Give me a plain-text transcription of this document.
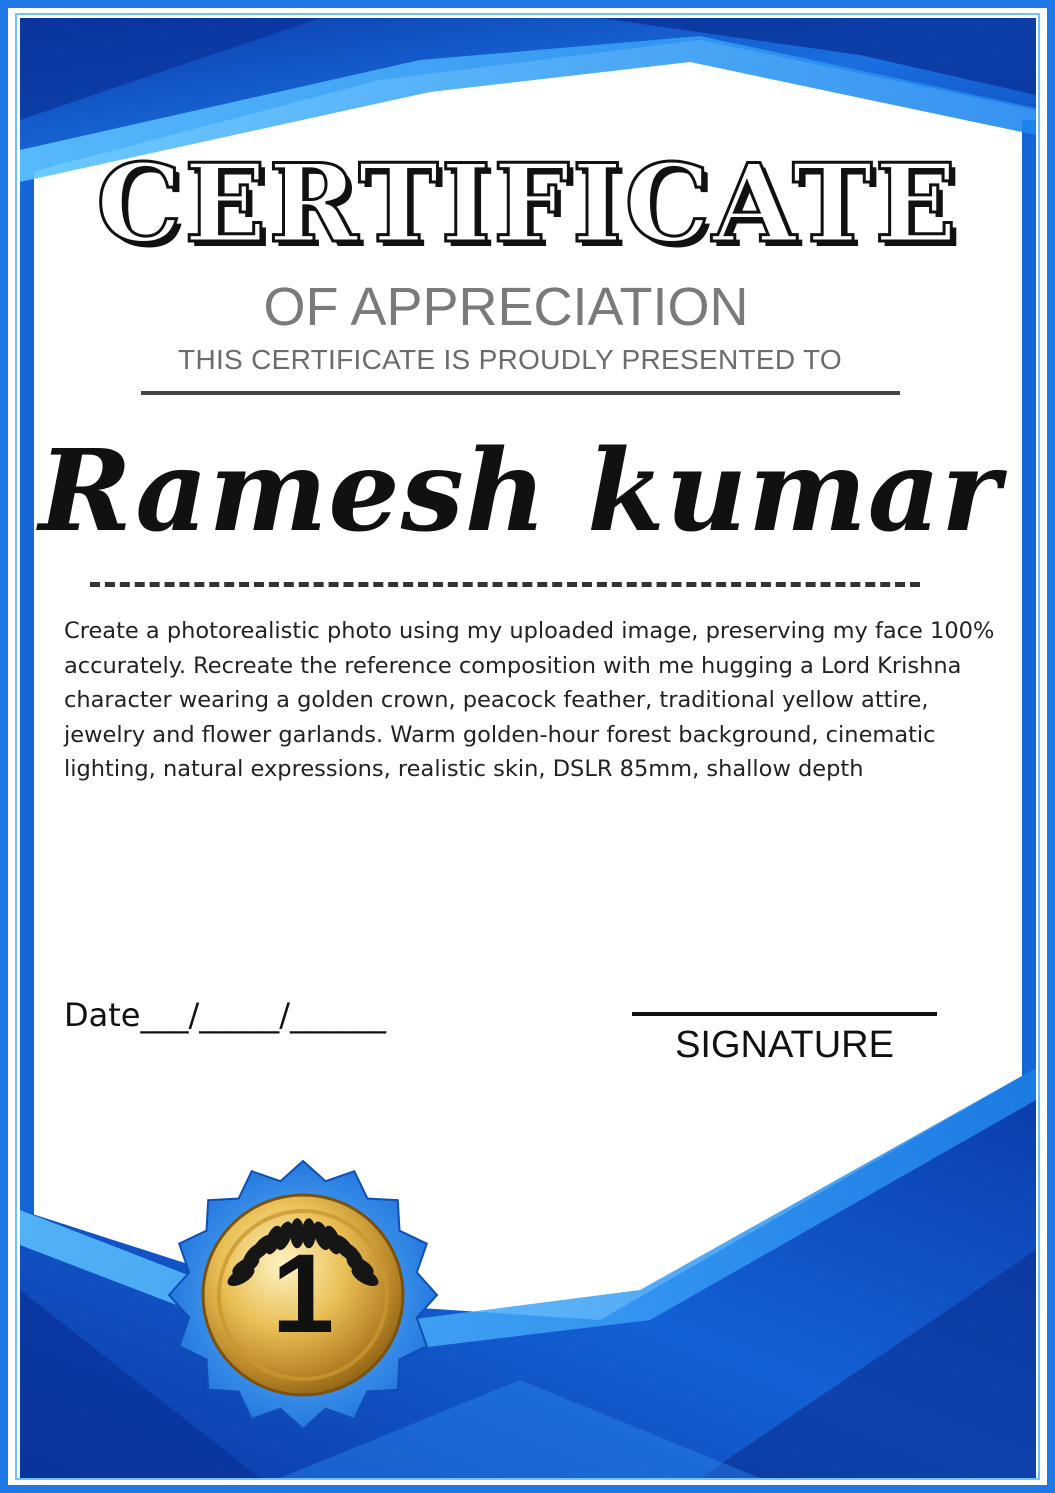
CERTIFICATE
OF APPRECIATION
THIS CERTIFICATE IS PROUDLY PRESENTED TO
Ramesh kumar
Create a photorealistic photo using my uploaded image, preserving my face 100% accurately. Recreate the reference composition with me hugging a Lord Krishna character wearing a golden crown, peacock feather, traditional yellow attire, jewelry and flower garlands. Warm golden-hour forest background, cinematic lighting, natural expressions, realistic skin, DSLR 85mm, shallow depth
Date___/_____/______
SIGNATURE
1
